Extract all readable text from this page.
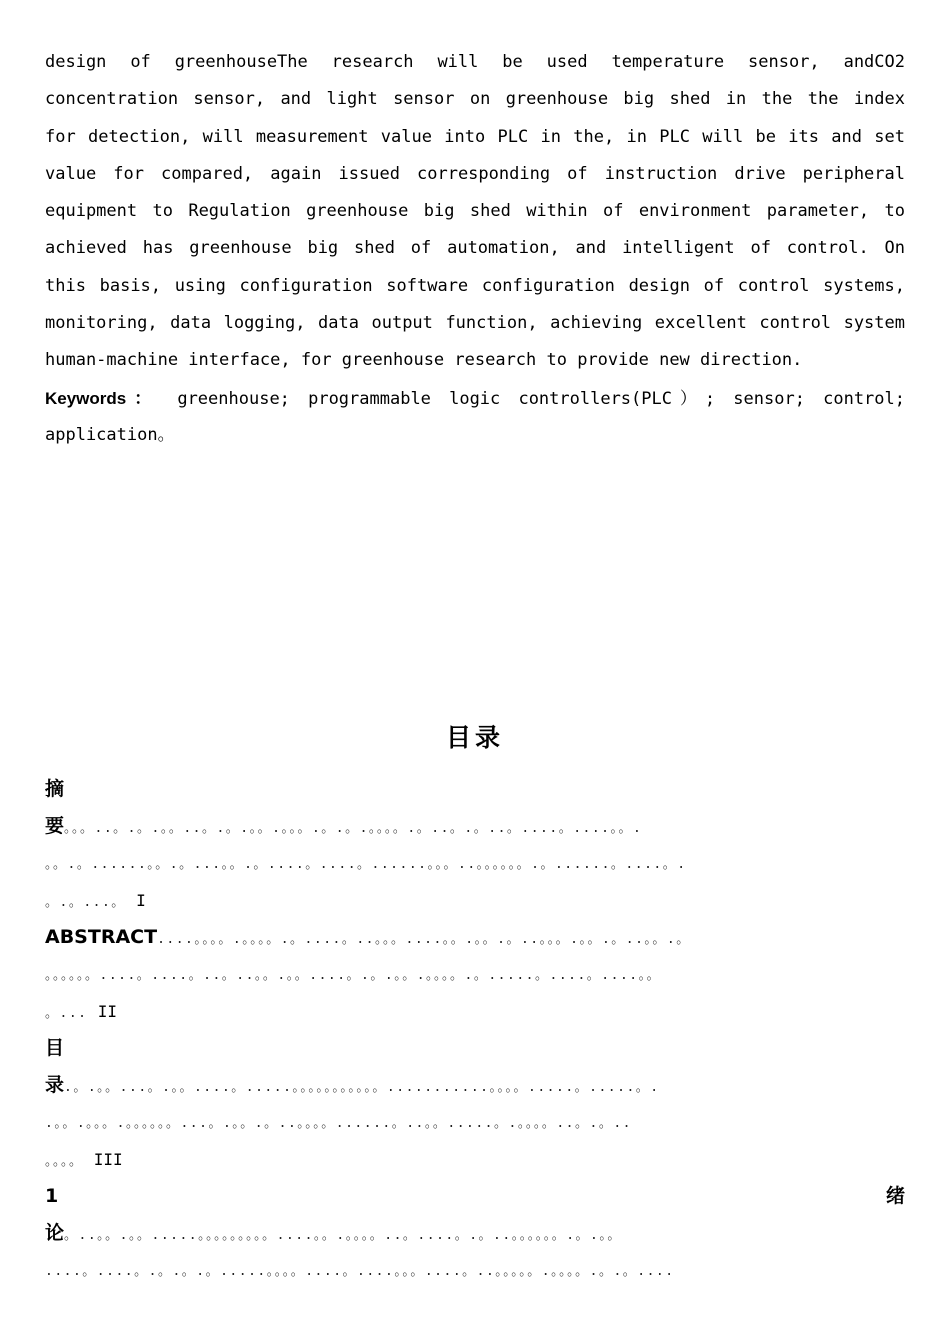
design of greenhouseThe research will be used temperature sensor, andCO2
concentration sensor, and light sensor on greenhouse big shed in the the index
for detection, will measurement value into PLC in the, in PLC will be its and set
value for compared, again issued corresponding of instruction drive peripheral
equipment to Regulation greenhouse big shed within of environment parameter, to
achieved has greenhouse big shed of automation, and intelligent of control. On
this basis, using configuration software configuration design of control systems,
monitoring, data logging, data output function, achieving excellent control system
human-machine interface, for greenhouse research to provide new direction.
Keywords： greenhouse; programmable logic controllers(PLC）; sensor; control;
application。
目录
摘
要。。。..。.。.。。..。.。.。。.。。。.。.。.。。。。.。..。.。..。....。....。。.
。。.。......。。.。...。。.。....。....。......。。。..。。。。。。.。......。....。.
。.。...。 I
ABSTRACT....。。。。.。。。。.。....。..。。。....。。.。。.。..。。。.。。.。..。。.。
。。。。。。....。....。..。..。。.。。....。.。.。。.。。。。.。.....。....。....。。
。... II
目
录.。.。。...。.。。....。.....。。。。。。。。。。。...........。。。。.....。.....。.
.。。.。。。.。。。。。。...。.。。.。..。。。。......。..。。.....。.。。。。..。.。..
。。。。 III
1	绪
论。..。。.。。.....。。。。。。。。。....。。.。。。。..。....。.。..。。。。。。.。.。。
....。....。.。.。.。.....。。。。....。....。。。....。..。。。。。.。。。。.。.。....
